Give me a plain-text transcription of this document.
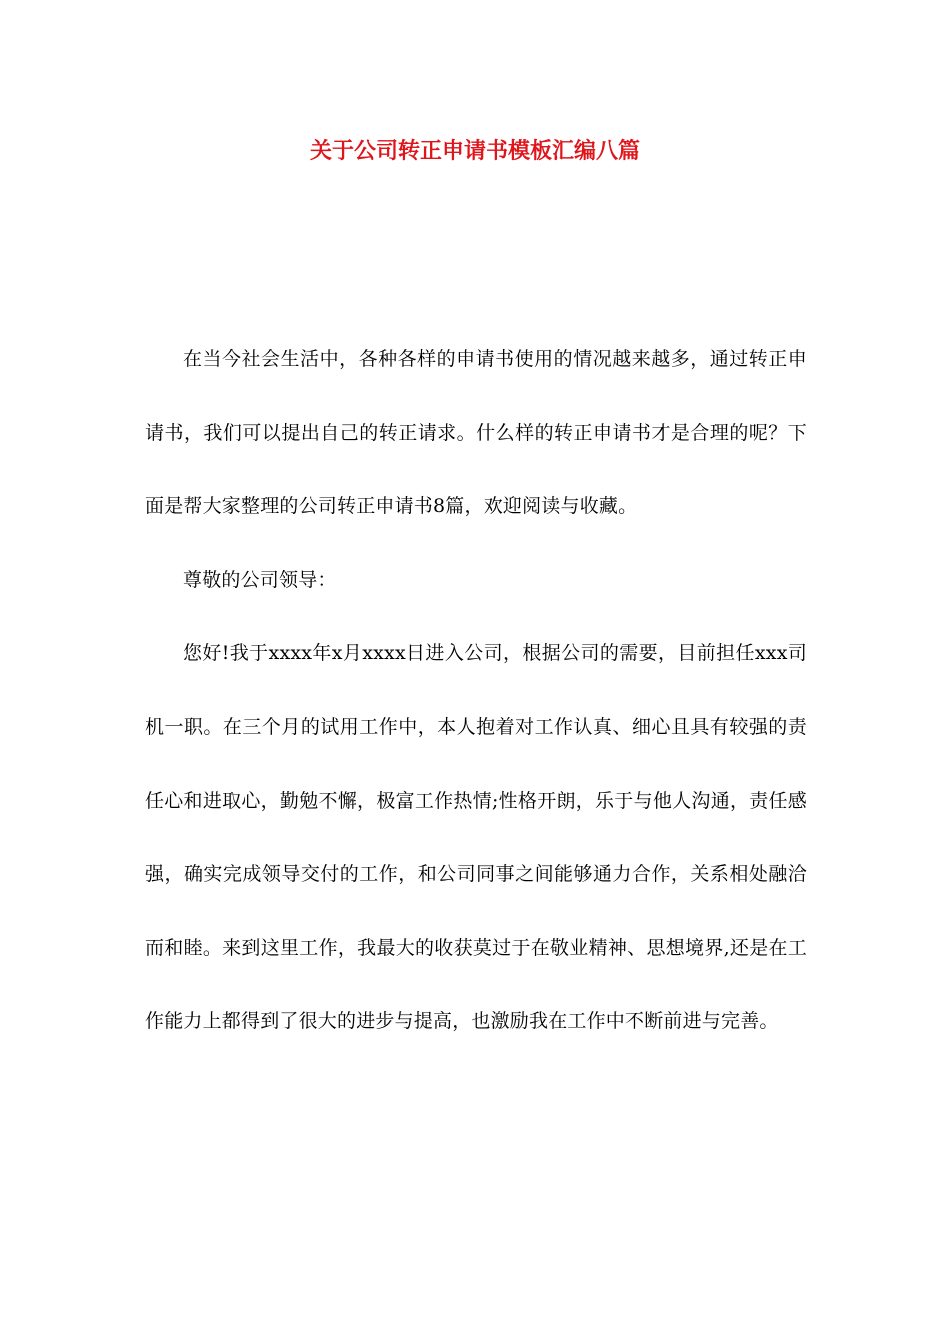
关于公司转正申请书模板汇编八篇

在当今社会生活中，各种各样的申请书使用的情况越来越多，通过转正申请书，我们可以提出自己的转正请求。什么样的转正申请书才是合理的呢？下面是帮大家整理的公司转正申请书8篇，欢迎阅读与收藏。

尊敬的公司领导：

您好!我于xxxx年x月xxxx日进入公司，根据公司的需要，目前担任xxx司机一职。在三个月的试用工作中，本人抱着对工作认真、细心且具有较强的责任心和进取心，勤勉不懈，极富工作热情;性格开朗，乐于与他人沟通，责任感强，确实完成领导交付的工作，和公司同事之间能够通力合作，关系相处融洽而和睦。来到这里工作，我最大的收获莫过于在敬业精神、思想境界,还是在工作能力上都得到了很大的进步与提高，也激励我在工作中不断前进与完善。
